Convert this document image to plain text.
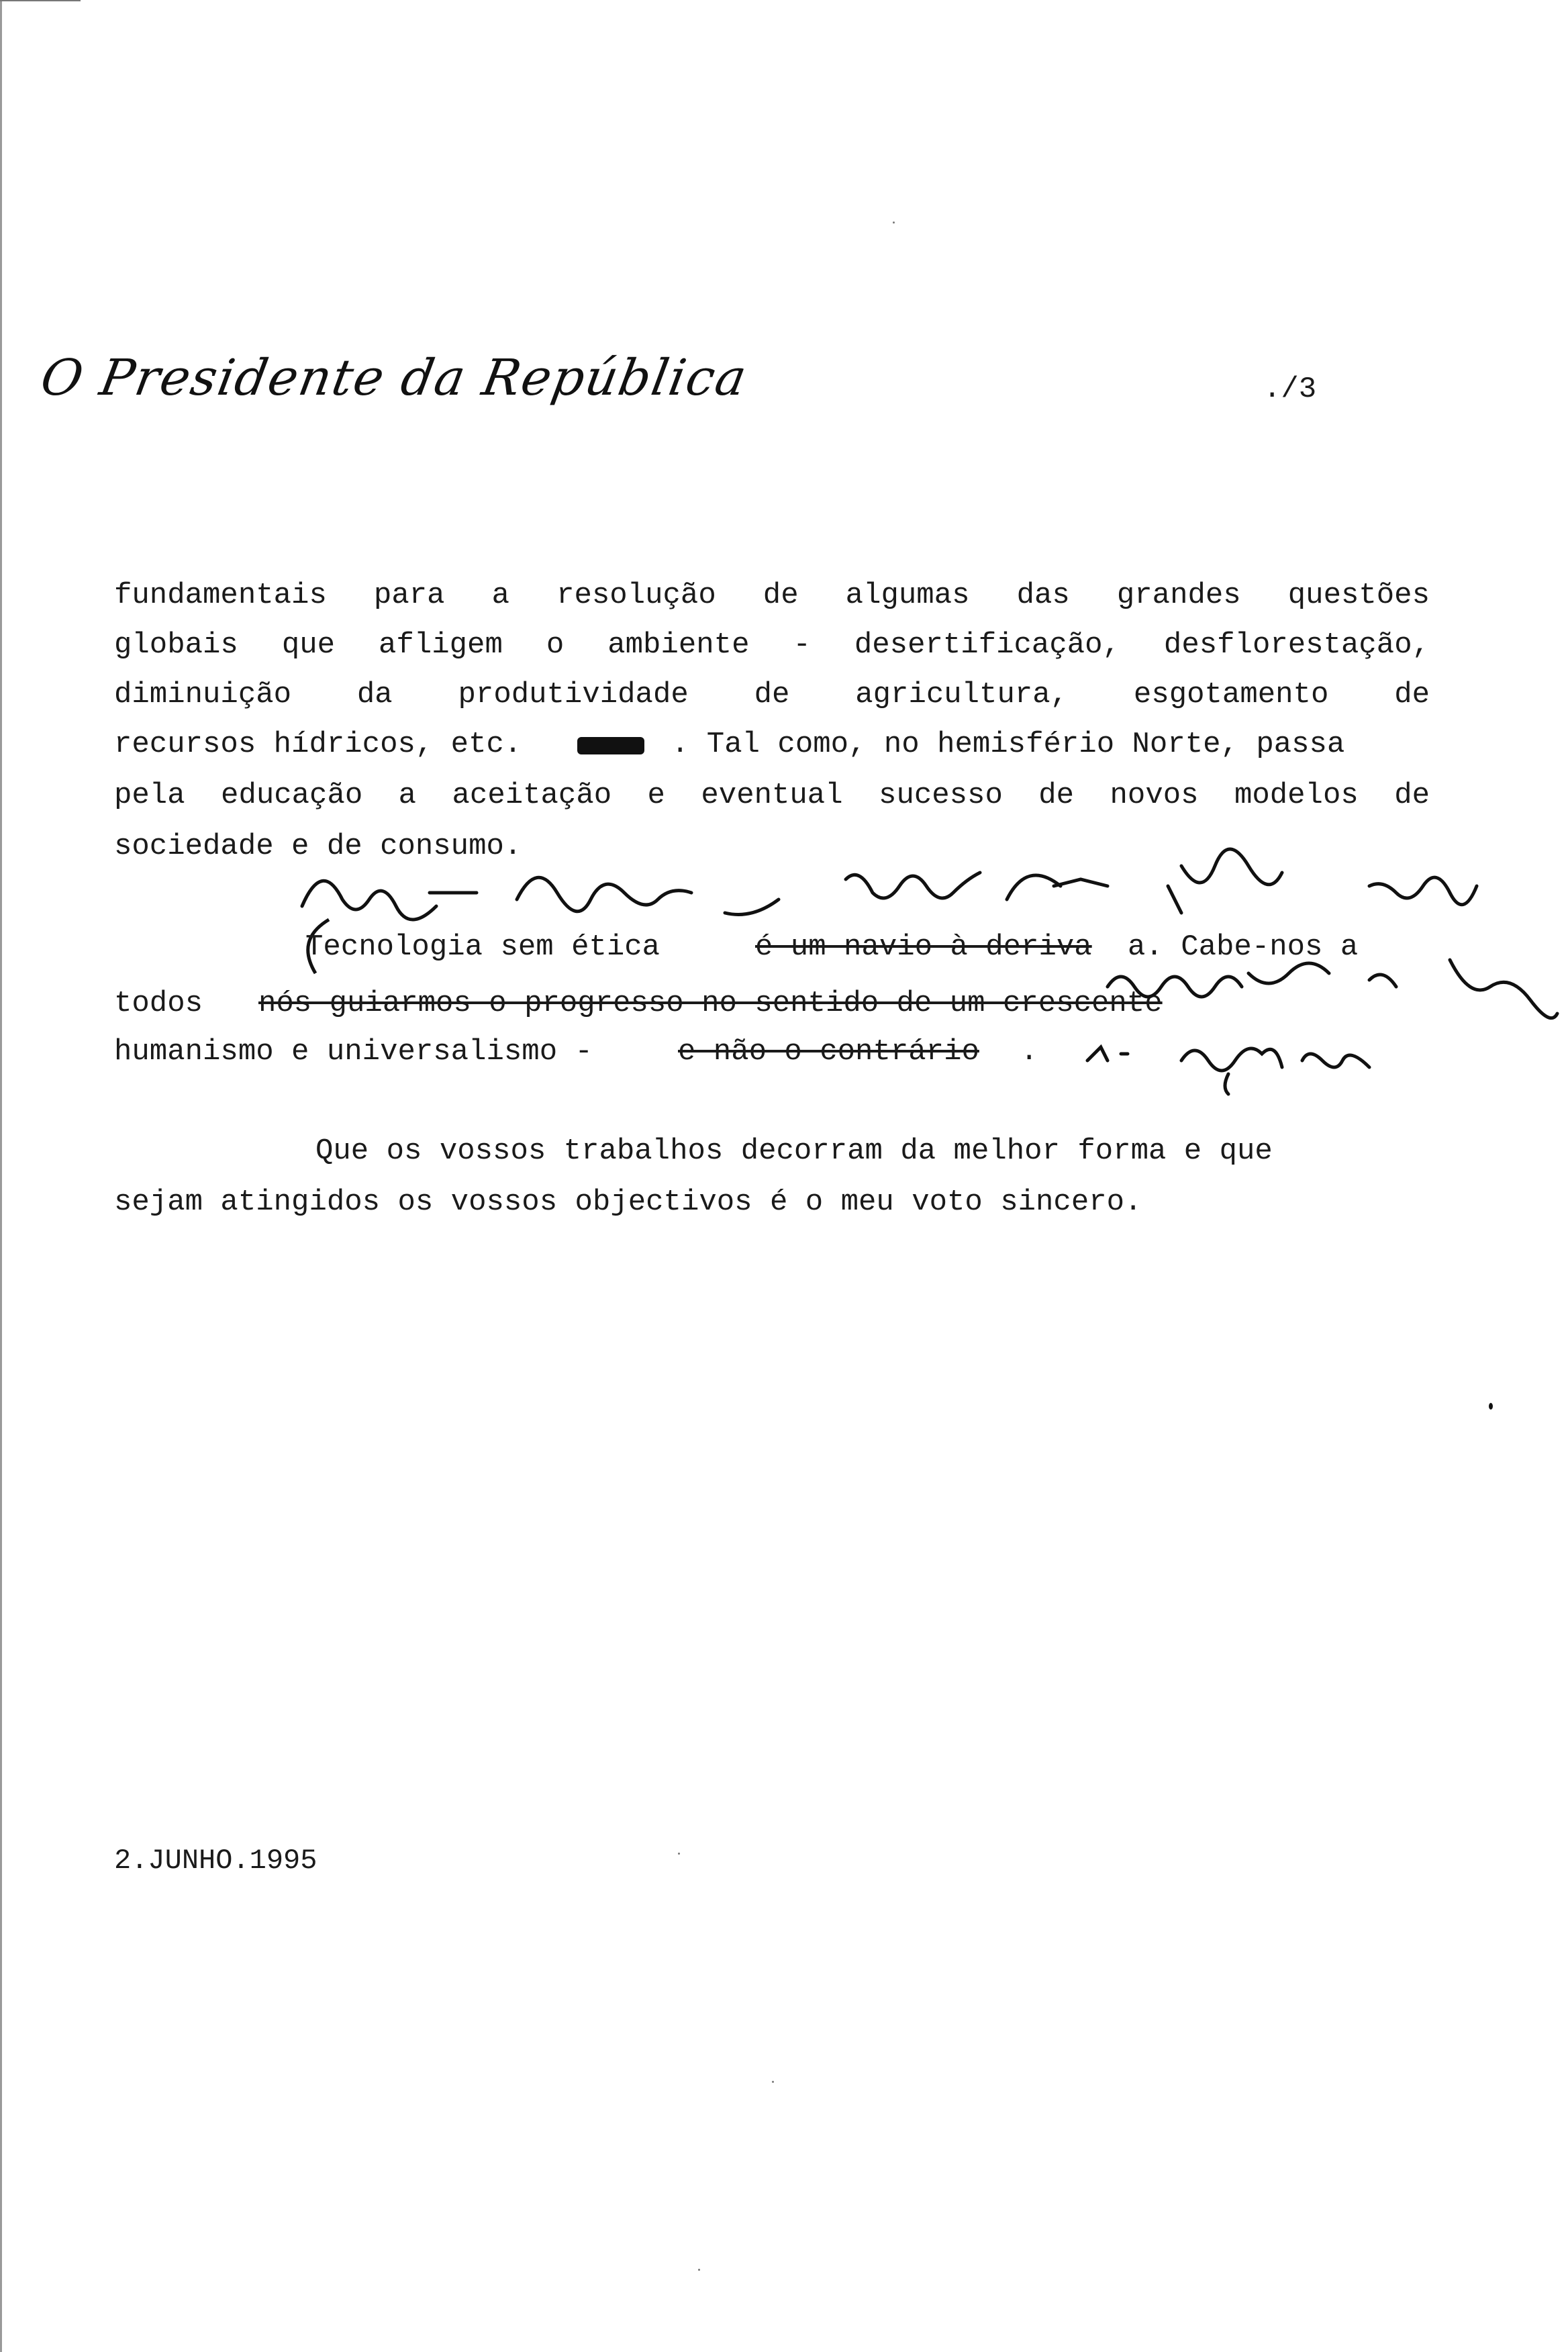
O Presidente da República	./3
fundamentais para a resolução de algumas das grandes questões
globais que afligem o ambiente - desertificação, desflorestação,
diminuição da produtividade de agricultura, esgotamento de
recursos hídricos, etc.	. Tal como, no hemisfério Norte, passa
pela educação a aceitação e eventual sucesso de novos modelos de
sociedade e de consumo.
Tecnologia sem ética	é um navio à deriva a. Cabe-nos a
todos nós guiarmos o progresso no sentido de um crescente
humanismo e universalismo -	e não o contrário .
Que os vossos trabalhos decorram da melhor forma e que
sejam atingidos os vossos objectivos é o meu voto sincero.
2.JUNHO.1995
